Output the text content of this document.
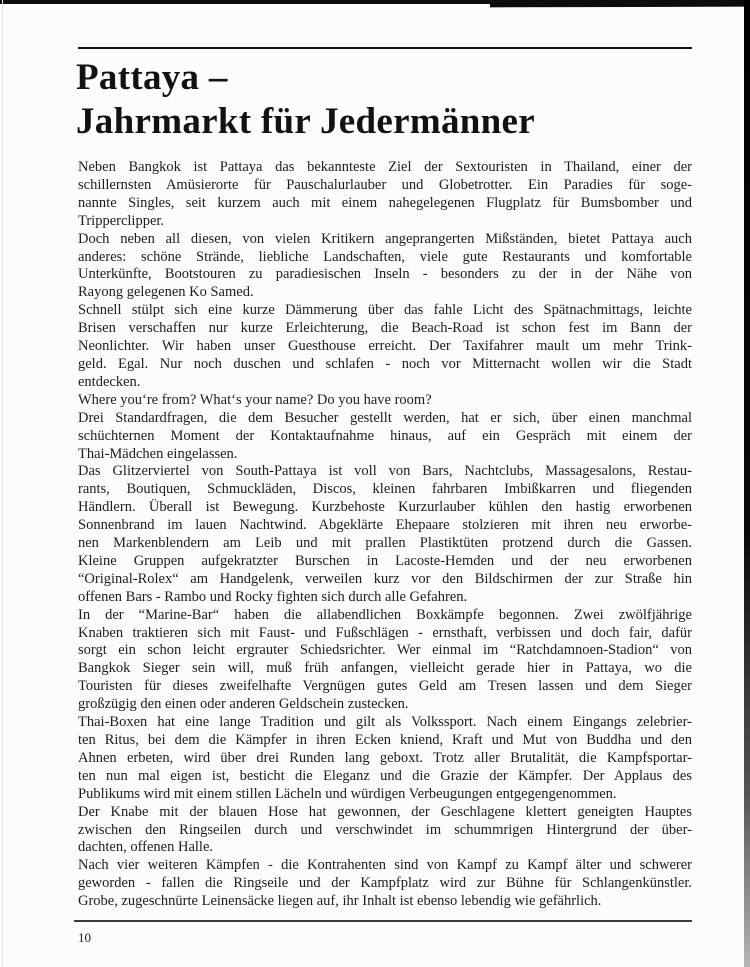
Pattaya –
Jahrmarkt für Jedermänner
Neben Bangkok ist Pattaya das bekannteste Ziel der Sextouristen in Thailand, einer der
schillernsten Amüsierorte für Pauschalurlauber und Globetrotter. Ein Paradies für soge-
nannte Singles, seit kurzem auch mit einem nahegelegenen Flugplatz für Bumsbomber und
Tripperclipper.
Doch neben all diesen, von vielen Kritikern angeprangerten Mißständen, bietet Pattaya auch
anderes: schöne Strände, liebliche Landschaften, viele gute Restaurants und komfortable
Unterkünfte, Bootstouren zu paradiesischen Inseln - besonders zu der in der Nähe von
Rayong gelegenen Ko Samed.
Schnell stülpt sich eine kurze Dämmerung über das fahle Licht des Spätnachmittags, leichte
Brisen verschaffen nur kurze Erleichterung, die Beach-Road ist schon fest im Bann der
Neonlichter. Wir haben unser Guesthouse erreicht. Der Taxifahrer mault um mehr Trink-
geld. Egal. Nur noch duschen und schlafen - noch vor Mitternacht wollen wir die Stadt
entdecken.
Where you‘re from? What‘s your name? Do you have room?
Drei Standardfragen, die dem Besucher gestellt werden, hat er sich, über einen manchmal
schüchternen Moment der Kontaktaufnahme hinaus, auf ein Gespräch mit einem der
Thai-Mädchen eingelassen.
Das Glitzerviertel von South-Pattaya ist voll von Bars, Nachtclubs, Massagesalons, Restau-
rants, Boutiquen, Schmuckläden, Discos, kleinen fahrbaren Imbißkarren und fliegenden
Händlern. Überall ist Bewegung. Kurzbehoste Kurzurlauber kühlen den hastig erworbenen
Sonnenbrand im lauen Nachtwind. Abgeklärte Ehepaare stolzieren mit ihren neu erworbe-
nen Markenblendern am Leib und mit prallen Plastiktüten protzend durch die Gassen.
Kleine Gruppen aufgekratzter Burschen in Lacoste-Hemden und der neu erworbenen
“Original-Rolex“ am Handgelenk, verweilen kurz vor den Bildschirmen der zur Straße hin
offenen Bars - Rambo und Rocky fighten sich durch alle Gefahren.
In der “Marine-Bar“ haben die allabendlichen Boxkämpfe begonnen. Zwei zwölfjährige
Knaben traktieren sich mit Faust- und Fußschlägen - ernsthaft, verbissen und doch fair, dafür
sorgt ein schon leicht ergrauter Schiedsrichter. Wer einmal im “Ratchdamnoen-Stadion“ von
Bangkok Sieger sein will, muß früh anfangen, vielleicht gerade hier in Pattaya, wo die
Touristen für dieses zweifelhafte Vergnügen gutes Geld am Tresen lassen und dem Sieger
großzügig den einen oder anderen Geldschein zustecken.
Thai-Boxen hat eine lange Tradition und gilt als Volkssport. Nach einem Eingangs zelebrier-
ten Ritus, bei dem die Kämpfer in ihren Ecken kniend, Kraft und Mut von Buddha und den
Ahnen erbeten, wird über drei Runden lang geboxt. Trotz aller Brutalität, die Kampfsportar-
ten nun mal eigen ist, besticht die Eleganz und die Grazie der Kämpfer. Der Applaus des
Publikums wird mit einem stillen Lächeln und würdigen Verbeugungen entgegengenommen.
Der Knabe mit der blauen Hose hat gewonnen, der Geschlagene klettert geneigten Hauptes
zwischen den Ringseilen durch und verschwindet im schummrigen Hintergrund der über-
dachten, offenen Halle.
Nach vier weiteren Kämpfen - die Kontrahenten sind von Kampf zu Kampf älter und schwerer
geworden - fallen die Ringseile und der Kampfplatz wird zur Bühne für Schlangenkünstler.
Grobe, zugeschnürte Leinensäcke liegen auf, ihr Inhalt ist ebenso lebendig wie gefährlich.
10
